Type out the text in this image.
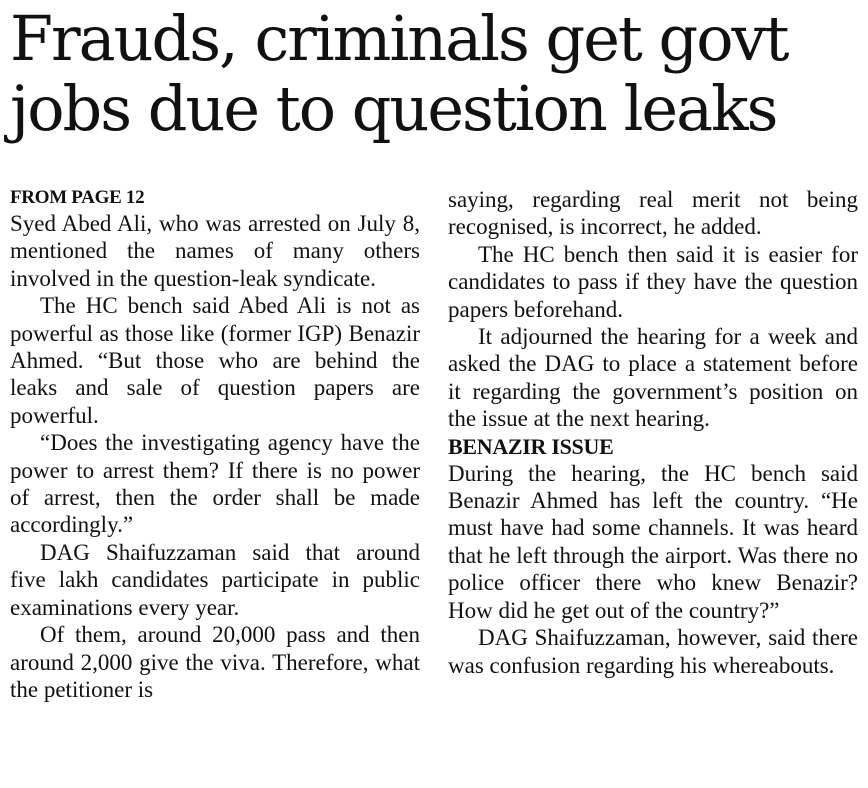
Frauds, criminals get govt jobs due to question leaks
FROM PAGE 12

Syed Abed Ali, who was arrested on July 8, mentioned the names of many others involved in the question-leak syndicate.

The HC bench said Abed Ali is not as powerful as those like (former IGP) Benazir Ahmed. “But those who are behind the leaks and sale of question papers are powerful.

“Does the investigating agency have the power to arrest them? If there is no power of arrest, then the order shall be made accordingly.”

DAG Shaifuzzaman said that around five lakh candidates participate in public examinations every year.

Of them, around 20,000 pass and then around 2,000 give the viva. Therefore, what the petitioner is

saying, regarding real merit not being recognised, is incorrect, he added.

The HC bench then said it is easier for candidates to pass if they have the question papers beforehand.

It adjourned the hearing for a week and asked the DAG to place a statement before it regarding the government’s position on the issue at the next hearing.

BENAZIR ISSUE

During the hearing, the HC bench said Benazir Ahmed has left the country. “He must have had some channels. It was heard that he left through the airport. Was there no police officer there who knew Benazir? How did he get out of the country?”

DAG Shaifuzzaman, however, said there was confusion regarding his whereabouts.
